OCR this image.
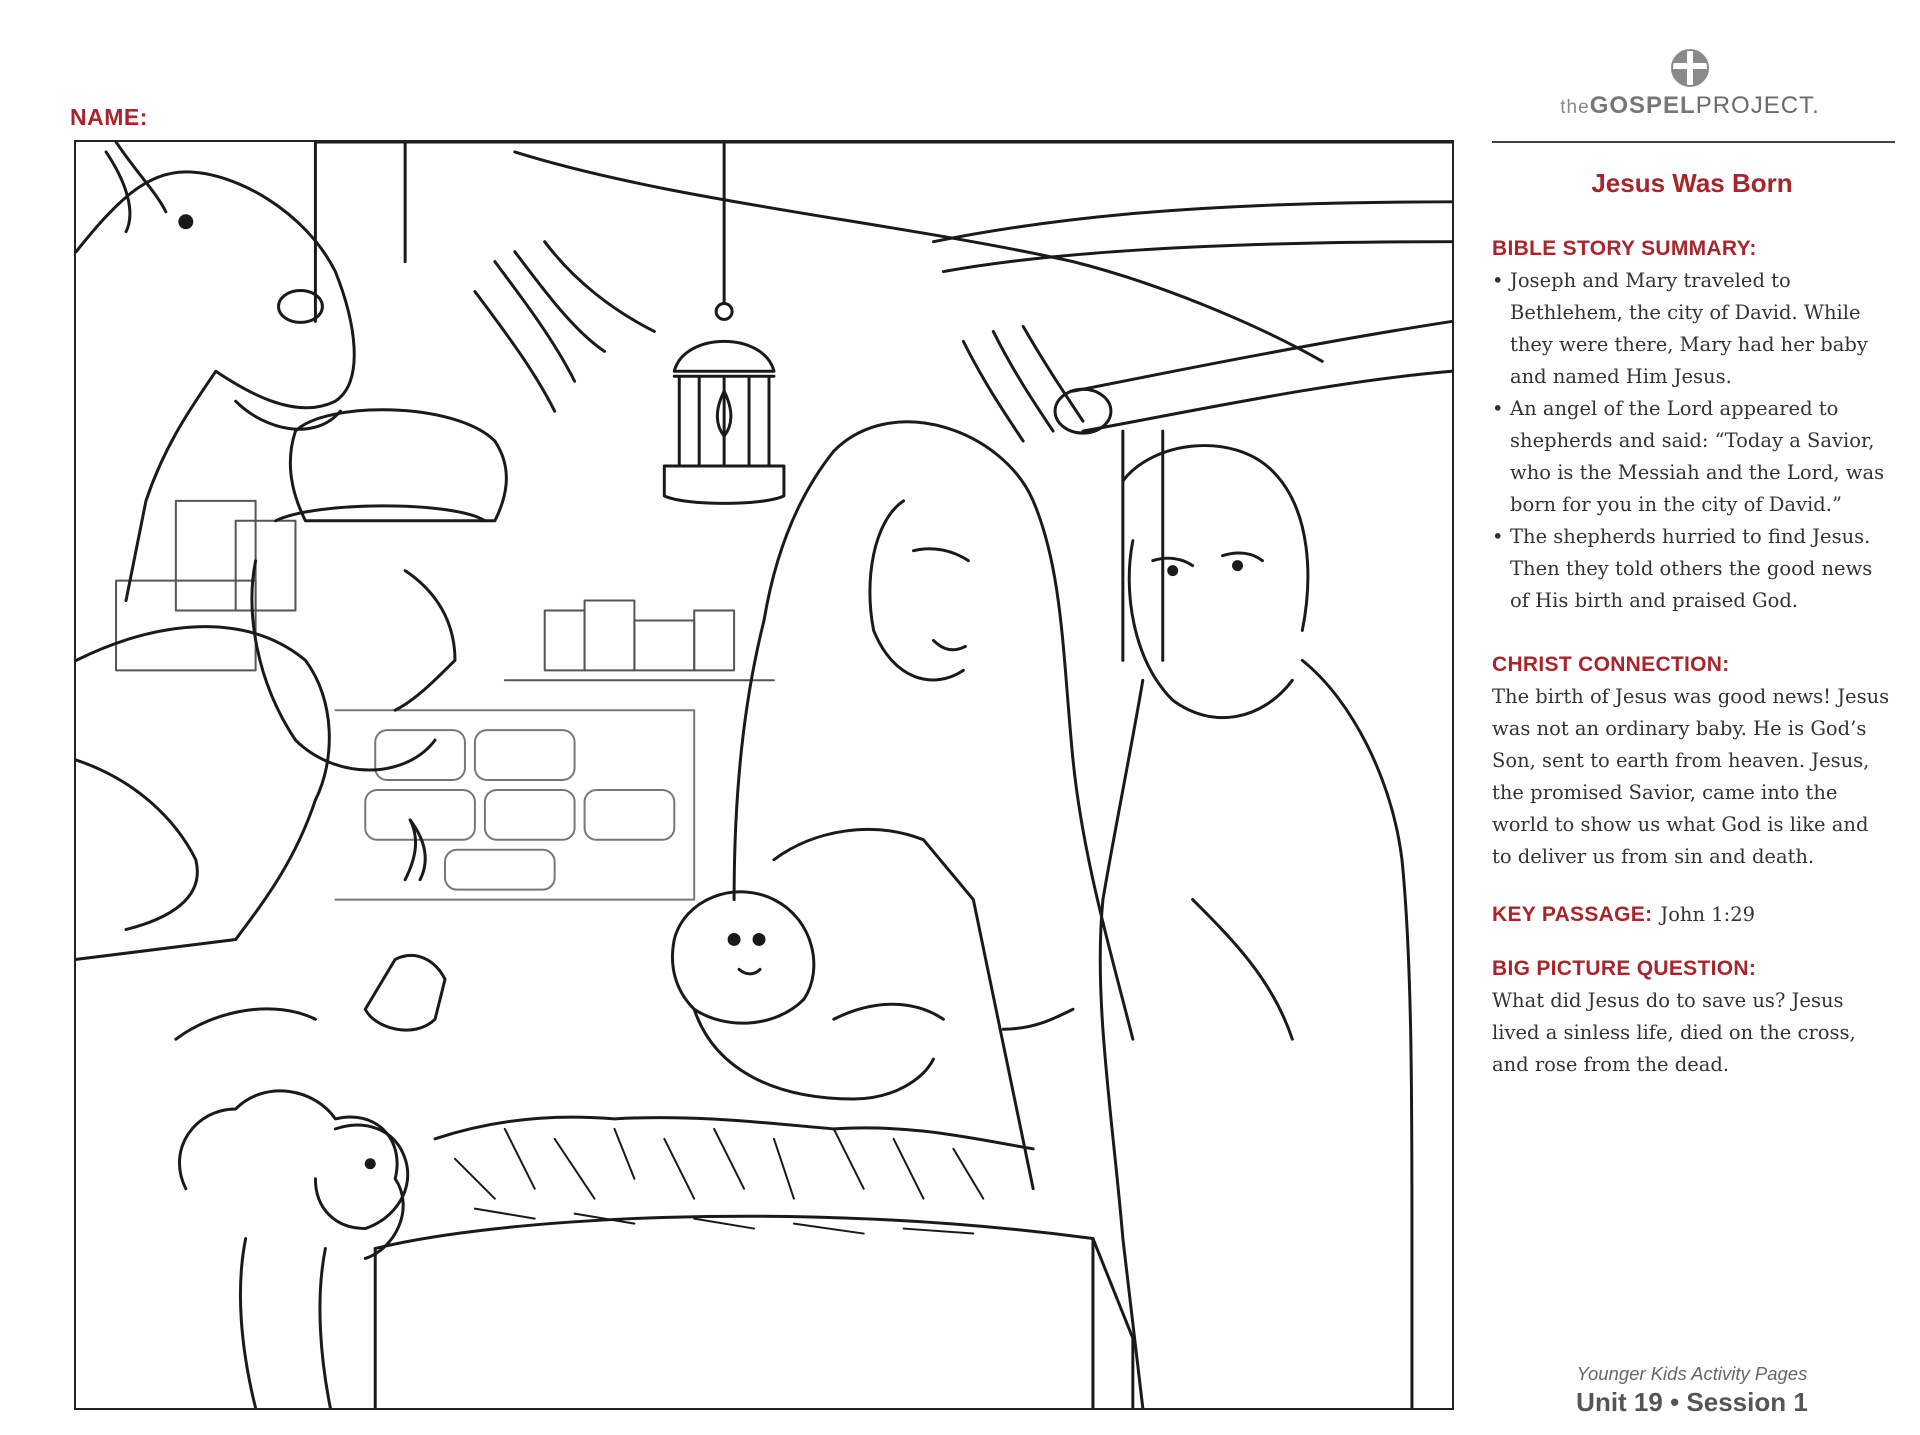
NAME:	theGOSPELPROJECT.
Jesus Was Born
BIBLE STORY SUMMARY:
• Joseph and Mary traveled to Bethlehem, the city of David. While they were there, Mary had her baby and named Him Jesus.
• An angel of the Lord appeared to shepherds and said: “Today a Savior, who is the Messiah and the Lord, was born for you in the city of David.”
• The shepherds hurried to find Jesus. Then they told others the good news of His birth and praised God.
CHRIST CONNECTION:

The birth of Jesus was good news! Jesus was not an ordinary baby. He is God’s Son, sent to earth from heaven. Jesus, the promised Savior, came into the world to show us what God is like and to deliver us from sin and death.

KEY PASSAGE: John 1:29
BIG PICTURE QUESTION:

What did Jesus do to save us? Jesus lived a sinless life, died on the cross, and rose from the dead.

Younger Kids Activity Pages
Unit 19 • Session 1
